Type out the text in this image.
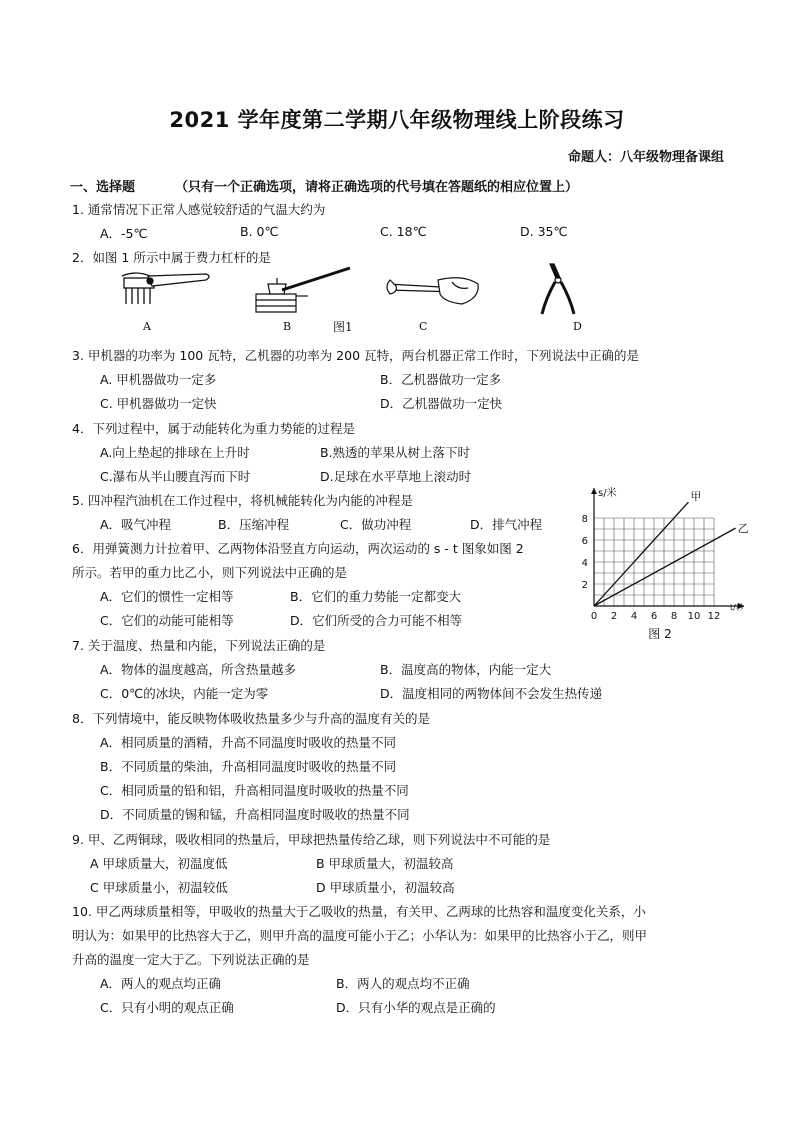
2021 学年度第二学期八年级物理线上阶段练习
命题人：八年级物理备课组
一、选择题	（只有一个正确选项，请将正确选项的代号填在答题纸的相应位置上）
1. 通常情况下正常人感觉较舒适的气温大约为
A．-5℃	B. 0℃	C. 18℃	D. 35℃
2．如图 1 所示中属于费力杠杆的是
A	B	图1	C	D
3. 甲机器的功率为 100 瓦特，乙机器的功率为 200 瓦特，两台机器正常工作时，下列说法中正确的是
A. 甲机器做功一定多	B．乙机器做功一定多
C. 甲机器做功一定快	D．乙机器做功一定快
4．下列过程中，属于动能转化为重力势能的过程是
A.向上垫起的排球在上升时	B.熟透的苹果从树上落下时
C.瀑布从半山腰直泻而下时	D.足球在水平草地上滚动时
5. 四冲程汽油机在工作过程中，将机械能转化为内能的冲程是
A．吸气冲程	B．压缩冲程	C．做功冲程	D．排气冲程
6．用弹簧测力计拉着甲、乙两物体沿竖直方向运动，两次运动的 s - t 图象如图 2
所示。若甲的重力比乙小，则下列说法中正确的是
A．它们的惯性一定相等	B．它们的重力势能一定都变大
C．它们的动能可能相等	D．它们所受的合力可能不相等
s/米
t/秒
0 2 4 6 8 10 12
2
4
6
8
甲
乙
图 2
7. 关于温度、热量和内能，下列说法正确的是
A．物体的温度越高，所含热量越多	B．温度高的物体，内能一定大
C．0℃的冰块，内能一定为零	D．温度相同的两物体间不会发生热传递
8．下列情境中，能反映物体吸收热量多少与升高的温度有关的是
A．相同质量的酒精，升高不同温度时吸收的热量不同
B．不同质量的柴油，升高相同温度时吸收的热量不同
C．相同质量的铅和铝，升高相同温度时吸收的热量不同
D．不同质量的锡和锰，升高相同温度时吸收的热量不同
9. 甲、乙两铜球，吸收相同的热量后，甲球把热量传给乙球，则下列说法中不可能的是
A 甲球质量大，初温度低	B 甲球质量大，初温较高
C 甲球质量小，初温较低	D 甲球质量小，初温较高
10. 甲乙两球质量相等，甲吸收的热量大于乙吸收的热量，有关甲、乙两球的比热容和温度变化关系，小
明认为：如果甲的比热容大于乙，则甲升高的温度可能小于乙；小华认为：如果甲的比热容小于乙，则甲
升高的温度一定大于乙。下列说法正确的是
A．两人的观点均正确	B．两人的观点均不正确
C．只有小明的观点正确	D．只有小华的观点是正确的
